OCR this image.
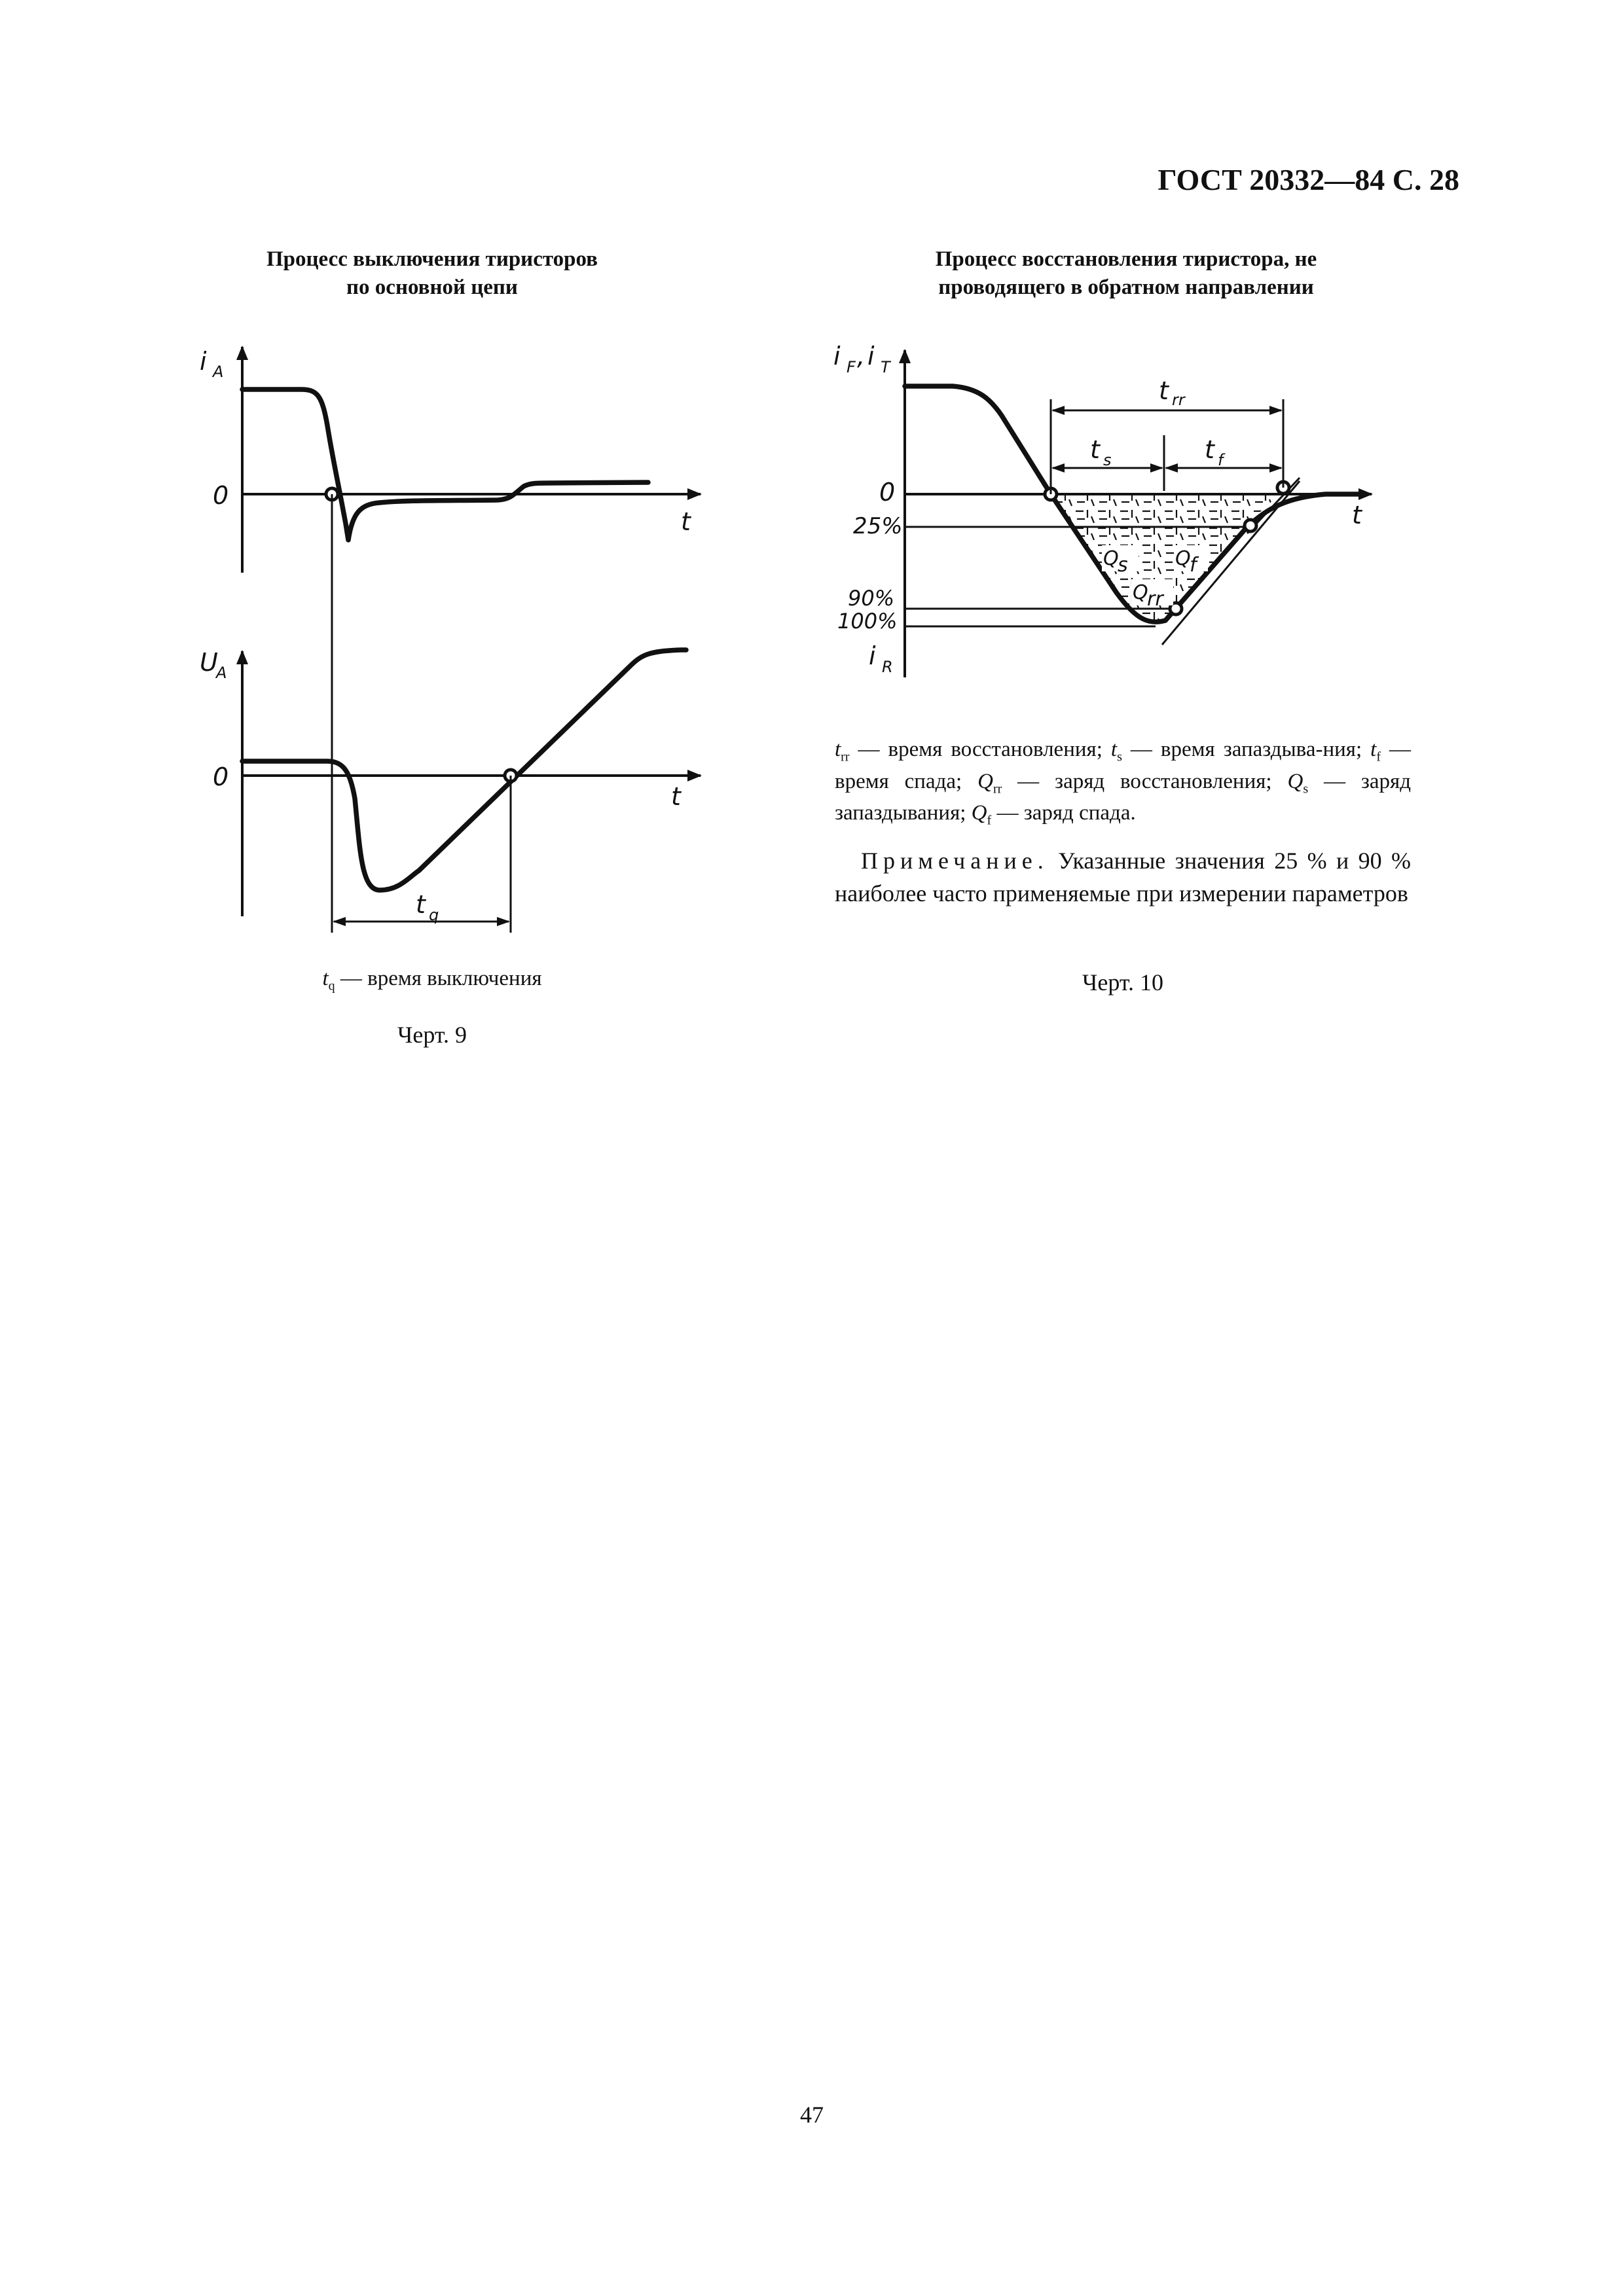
ГОСТ 20332—84 С. 28
Процесс выключения тиристоров
по основной цепи
i A
0
t
U
A
0
t
t q
$t_q$ — время выключения
Черт. 9
Процесс восстановления тиристора, не
проводящего в обратном направлении
i F , i T
i R
0
25%
90%
100%
t
t rr
t s	t f
Q
s Q
f
Q
rr
$t_{rr}$ — время восстановления; $t_s$ — время запаздыва-ния; $t_f$ — время спада; $Q_{rr}$ — заряд восстановления; $Q_s$ — заряд запаздывания; $Q_f$ — заряд спада.
Примечание. Указанные значения 25 % и 90 % наиболее часто применяемые при измерении параметров
Черт. 10
47
